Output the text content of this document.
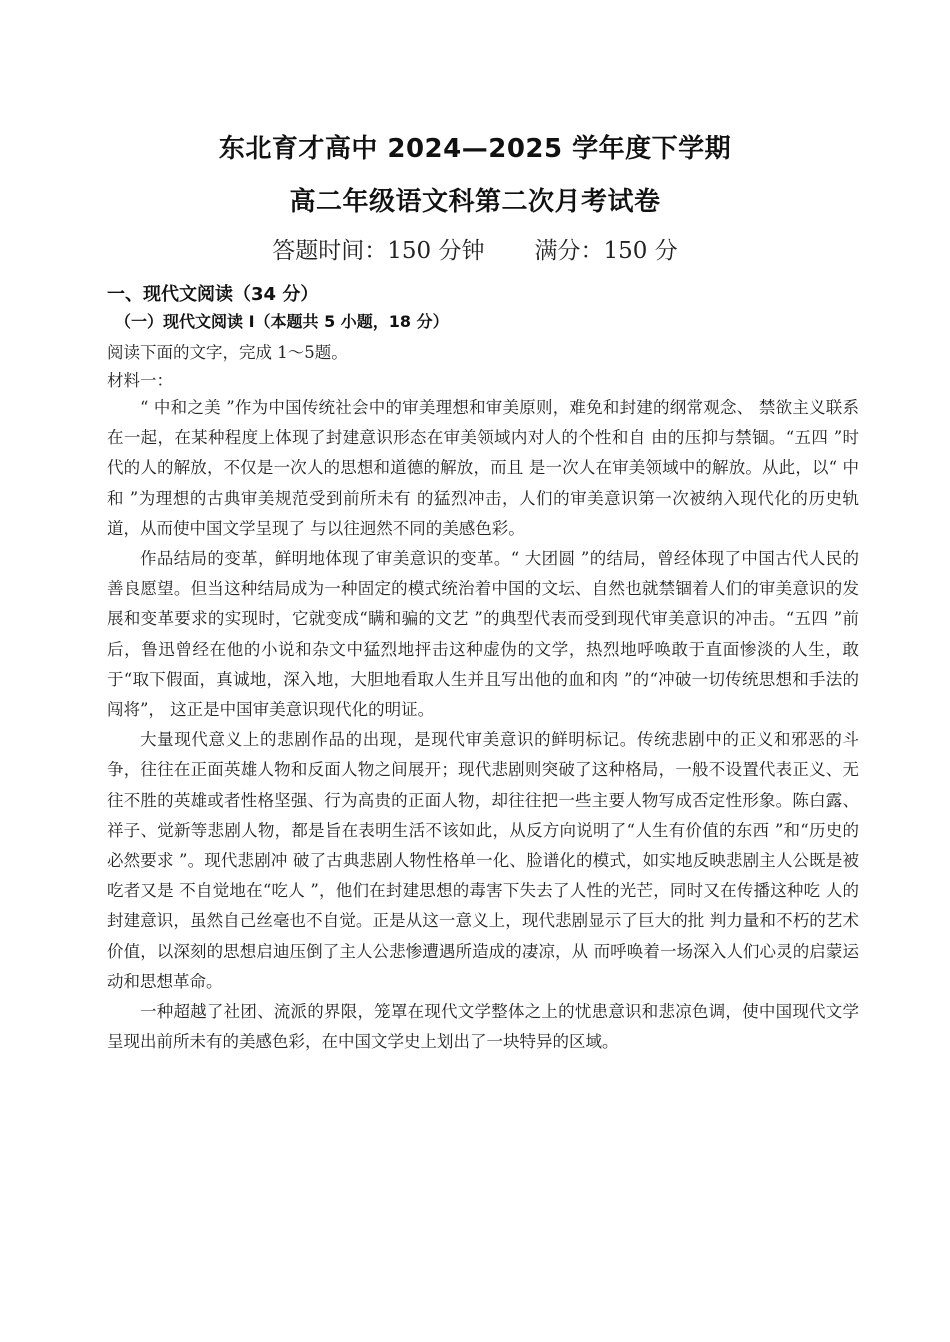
东北育才高中 2024—2025 学年度下学期
高二年级语文科第二次月考试卷
答题时间：150 分钟 满分：150 分
一、现代文阅读（34 分）
（一）现代文阅读 I（本题共 5 小题，18 分）
阅读下面的文字，完成 1～5题。
材料一：

“ 中和之美 ”作为中国传统社会中的审美理想和审美原则，难免和封建的纲常观念、 禁欲主义联系在一起，在某种程度上体现了封建意识形态在审美领域内对人的个性和自 由的压抑与禁锢。“五四 ”时代的人的解放，不仅是一次人的思想和道德的解放，而且 是一次人在审美领域中的解放。从此，以“ 中和 ”为理想的古典审美规范受到前所未有 的猛烈冲击，人们的审美意识第一次被纳入现代化的历史轨道，从而使中国文学呈现了 与以往迥然不同的美感色彩。

作品结局的变革，鲜明地体现了审美意识的变革。“ 大团圆 ”的结局，曾经体现了中国古代人民的善良愿望。但当这种结局成为一种固定的模式统治着中国的文坛、自然也就禁锢着人们的审美意识的发展和变革要求的实现时，它就变成“瞒和骗的文艺 ”的典型代表而受到现代审美意识的冲击。“五四 ”前后，鲁迅曾经在他的小说和杂文中猛烈地抨击这种虚伪的文学，热烈地呼唤敢于直面惨淡的人生，敢于“取下假面，真诚地，深入地，大胆地看取人生并且写出他的血和肉 ”的“冲破一切传统思想和手法的闯将”， 这正是中国审美意识现代化的明证。

大量现代意义上的悲剧作品的出现，是现代审美意识的鲜明标记。传统悲剧中的正义和邪恶的斗争，往往在正面英雄人物和反面人物之间展开；现代悲剧则突破了这种格局，一般不设置代表正义、无往不胜的英雄或者性格坚强、行为高贵的正面人物，却往往把一些主要人物写成否定性形象。陈白露、祥子、觉新等悲剧人物，都是旨在表明生活不该如此，从反方向说明了“人生有价值的东西 ”和“历史的必然要求 ”。现代悲剧冲 破了古典悲剧人物性格单一化、脸谱化的模式，如实地反映悲剧主人公既是被吃者又是 不自觉地在“吃人 ”，他们在封建思想的毒害下失去了人性的光芒，同时又在传播这种吃 人的封建意识，虽然自己丝毫也不自觉。正是从这一意义上，现代悲剧显示了巨大的批 判力量和不朽的艺术价值，以深刻的思想启迪压倒了主人公悲惨遭遇所造成的凄凉，从 而呼唤着一场深入人们心灵的启蒙运动和思想革命。

一种超越了社团、流派的界限，笼罩在现代文学整体之上的忧患意识和悲凉色调，使中国现代文学呈现出前所未有的美感色彩，在中国文学史上划出了一块特异的区域。
